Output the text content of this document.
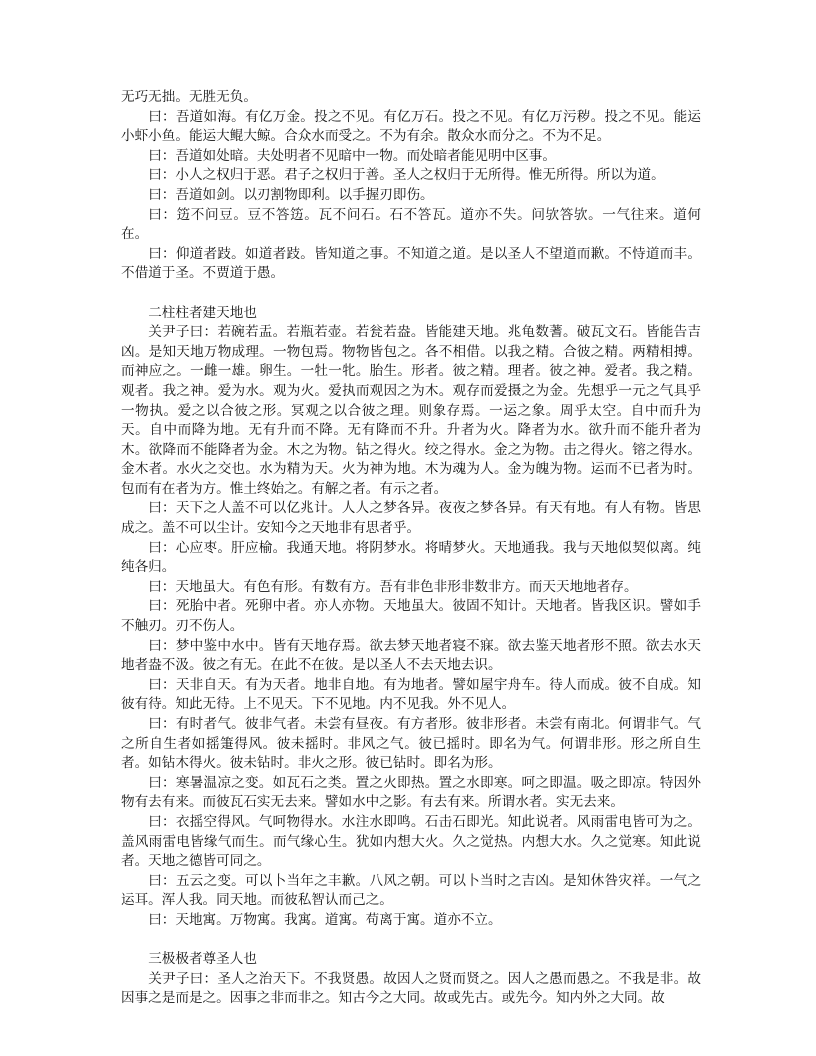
无巧无拙。无胜无负。

曰：吾道如海。有亿万金。投之不见。有亿万石。投之不见。有亿万污秽。投之不见。能运小虾小鱼。能运大鲲大鲸。合众水而受之。不为有余。散众水而分之。不为不足。

曰：吾道如处暗。夫处明者不见暗中一物。而处暗者能见明中区事。

曰：小人之权归于恶。君子之权归于善。圣人之权归于无所得。惟无所得。所以为道。

曰：吾道如剑。以刃割物即利。以手握刃即伤。

曰：笾不问豆。豆不答笾。瓦不问石。石不答瓦。道亦不失。问欤答欤。一气往来。道何在。

曰：仰道者跂。如道者跂。皆知道之事。不知道之道。是以圣人不望道而歉。不恃道而丰。不借道于圣。不贾道于愚。

二柱柱者建天地也

关尹子曰：若碗若盂。若瓶若壶。若瓮若盎。皆能建天地。兆龟数蓍。破瓦文石。皆能告吉凶。是知天地万物成理。一物包焉。物物皆包之。各不相借。以我之精。合彼之精。两精相搏。而神应之。一雌一雄。卵生。一牡一牝。胎生。形者。彼之精。理者。彼之神。爱者。我之精。观者。我之神。爱为水。观为火。爱执而观因之为木。观存而爱摄之为金。先想乎一元之气具乎一物执。爱之以合彼之形。冥观之以合彼之理。则象存焉。一运之象。周乎太空。自中而升为天。自中而降为地。无有升而不降。无有降而不升。升者为火。降者为水。欲升而不能升者为木。欲降而不能降者为金。木之为物。钻之得火。绞之得水。金之为物。击之得火。镕之得水。金木者。水火之交也。水为精为天。火为神为地。木为魂为人。金为魄为物。运而不已者为时。包而有在者为方。惟土终始之。有解之者。有示之者。

曰：天下之人盖不可以亿兆计。人人之梦各异。夜夜之梦各异。有天有地。有人有物。皆思成之。盖不可以尘计。安知今之天地非有思者乎。

曰：心应枣。肝应榆。我通天地。将阴梦水。将晴梦火。天地通我。我与天地似契似离。纯纯各归。

曰：天地虽大。有色有形。有数有方。吾有非色非形非数非方。而天天地地者存。

曰：死胎中者。死卵中者。亦人亦物。天地虽大。彼固不知计。天地者。皆我区识。譬如手不触刃。刃不伤人。

曰：梦中鉴中水中。皆有天地存焉。欲去梦天地者寝不寐。欲去鉴天地者形不照。欲去水天地者盎不汲。彼之有无。在此不在彼。是以圣人不去天地去识。

曰：天非自天。有为天者。地非自地。有为地者。譬如屋宇舟车。待人而成。彼不自成。知彼有待。知此无待。上不见天。下不见地。内不见我。外不见人。

曰：有时者气。彼非气者。未尝有昼夜。有方者形。彼非形者。未尝有南北。何谓非气。气之所自生者如摇箑得风。彼未摇时。非风之气。彼已摇时。即名为气。何谓非形。形之所自生者。如钻木得火。彼未钻时。非火之形。彼已钻时。即名为形。

曰：寒暑温凉之变。如瓦石之类。置之火即热。置之水即寒。呵之即温。吸之即凉。特因外物有去有来。而彼瓦石实无去来。譬如水中之影。有去有来。所谓水者。实无去来。

曰：衣摇空得风。气呵物得水。水注水即鸣。石击石即光。知此说者。风雨雷电皆可为之。盖风雨雷电皆缘气而生。而气缘心生。犹如内想大火。久之觉热。内想大水。久之觉寒。知此说者。天地之德皆可同之。

曰：五云之变。可以卜当年之丰歉。八风之朝。可以卜当时之吉凶。是知休咎灾祥。一气之运耳。浑人我。同天地。而彼私智认而己之。

曰：天地寓。万物寓。我寓。道寓。苟离于寓。道亦不立。

三极极者尊圣人也

关尹子曰：圣人之治天下。不我贤愚。故因人之贤而贤之。因人之愚而愚之。不我是非。故因事之是而是之。因事之非而非之。知古今之大同。故或先古。或先今。知内外之大同。故
